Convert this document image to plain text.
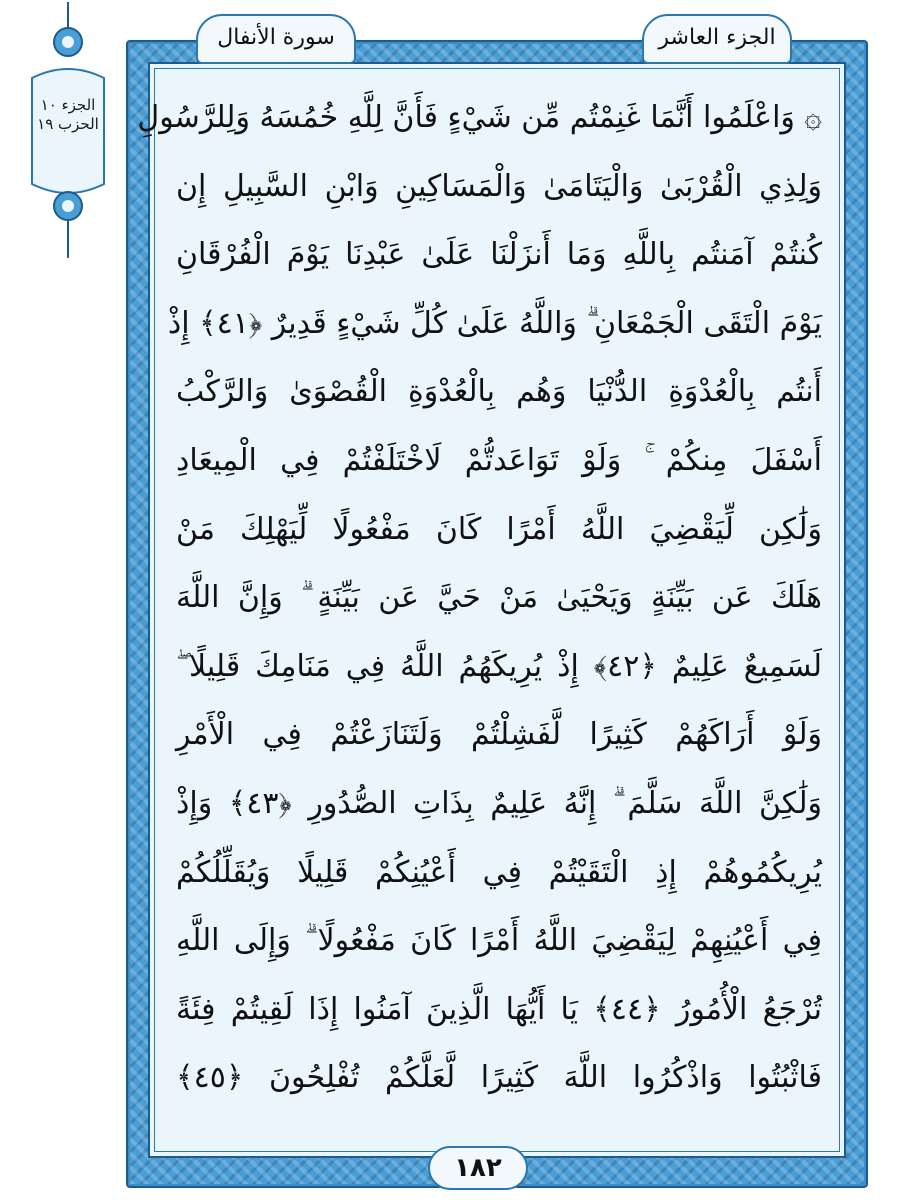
الجزء ١٠
الحزب ١٩
سورة الأنفال	الجزء العاشر
۞ وَاعْلَمُوا أَنَّمَا غَنِمْتُم مِّن شَيْءٍ فَأَنَّ لِلَّهِ خُمُسَهُ وَلِلرَّسُولِ
وَلِذِي الْقُرْبَىٰ وَالْيَتَامَىٰ وَالْمَسَاكِينِ وَابْنِ السَّبِيلِ إِن
كُنتُمْ آمَنتُم بِاللَّهِ وَمَا أَنزَلْنَا عَلَىٰ عَبْدِنَا يَوْمَ الْفُرْقَانِ
يَوْمَ الْتَقَى الْجَمْعَانِ ۗ وَاللَّهُ عَلَىٰ كُلِّ شَيْءٍ قَدِيرٌ ﴿٤١﴾ إِذْ
أَنتُم بِالْعُدْوَةِ الدُّنْيَا وَهُم بِالْعُدْوَةِ الْقُصْوَىٰ وَالرَّكْبُ
أَسْفَلَ مِنكُمْ ۚ وَلَوْ تَوَاعَدتُّمْ لَاخْتَلَفْتُمْ فِي الْمِيعَادِ
وَلَٰكِن لِّيَقْضِيَ اللَّهُ أَمْرًا كَانَ مَفْعُولًا لِّيَهْلِكَ مَنْ
هَلَكَ عَن بَيِّنَةٍ وَيَحْيَىٰ مَنْ حَيَّ عَن بَيِّنَةٍ ۗ وَإِنَّ اللَّهَ
لَسَمِيعٌ عَلِيمٌ ﴿٤٢﴾ إِذْ يُرِيكَهُمُ اللَّهُ فِي مَنَامِكَ قَلِيلًا ۖ
وَلَوْ أَرَاكَهُمْ كَثِيرًا لَّفَشِلْتُمْ وَلَتَنَازَعْتُمْ فِي الْأَمْرِ
وَلَٰكِنَّ اللَّهَ سَلَّمَ ۗ إِنَّهُ عَلِيمٌ بِذَاتِ الصُّدُورِ ﴿٤٣﴾ وَإِذْ
يُرِيكُمُوهُمْ إِذِ الْتَقَيْتُمْ فِي أَعْيُنِكُمْ قَلِيلًا وَيُقَلِّلُكُمْ
فِي أَعْيُنِهِمْ لِيَقْضِيَ اللَّهُ أَمْرًا كَانَ مَفْعُولًا ۗ وَإِلَى اللَّهِ
تُرْجَعُ الْأُمُورُ ﴿٤٤﴾ يَا أَيُّهَا الَّذِينَ آمَنُوا إِذَا لَقِيتُمْ فِئَةً
فَاثْبُتُوا وَاذْكُرُوا اللَّهَ كَثِيرًا لَّعَلَّكُمْ تُفْلِحُونَ ﴿٤٥﴾
١٨٢
